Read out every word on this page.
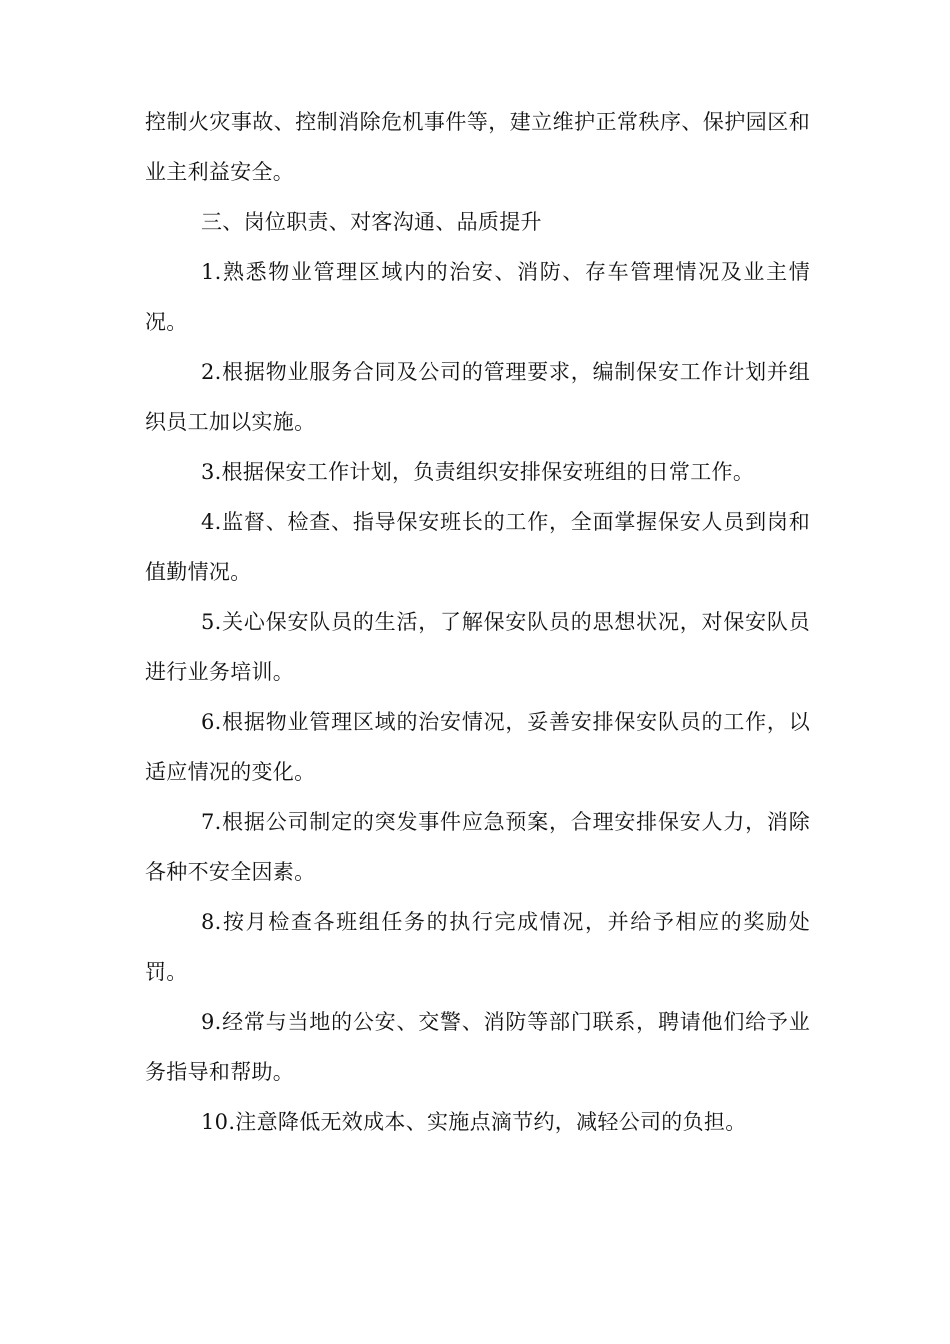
控制火灾事故、控制消除危机事件等，建立维护正常秩序、保护园区和业主利益安全。

三、岗位职责、对客沟通、品质提升

1.熟悉物业管理区域内的治安、消防、存车管理情况及业主情况。

2.根据物业服务合同及公司的管理要求，编制保安工作计划并组织员工加以实施。

3.根据保安工作计划，负责组织安排保安班组的日常工作。

4.监督、检查、指导保安班长的工作，全面掌握保安人员到岗和值勤情况。

5.关心保安队员的生活，了解保安队员的思想状况，对保安队员进行业务培训。

6.根据物业管理区域的治安情况，妥善安排保安队员的工作，以适应情况的变化。

7.根据公司制定的突发事件应急预案，合理安排保安人力，消除各种不安全因素。

8.按月检查各班组任务的执行完成情况，并给予相应的奖励处罚。

9.经常与当地的公安、交警、消防等部门联系，聘请他们给予业务指导和帮助。

10.注意降低无效成本、实施点滴节约，减轻公司的负担。
